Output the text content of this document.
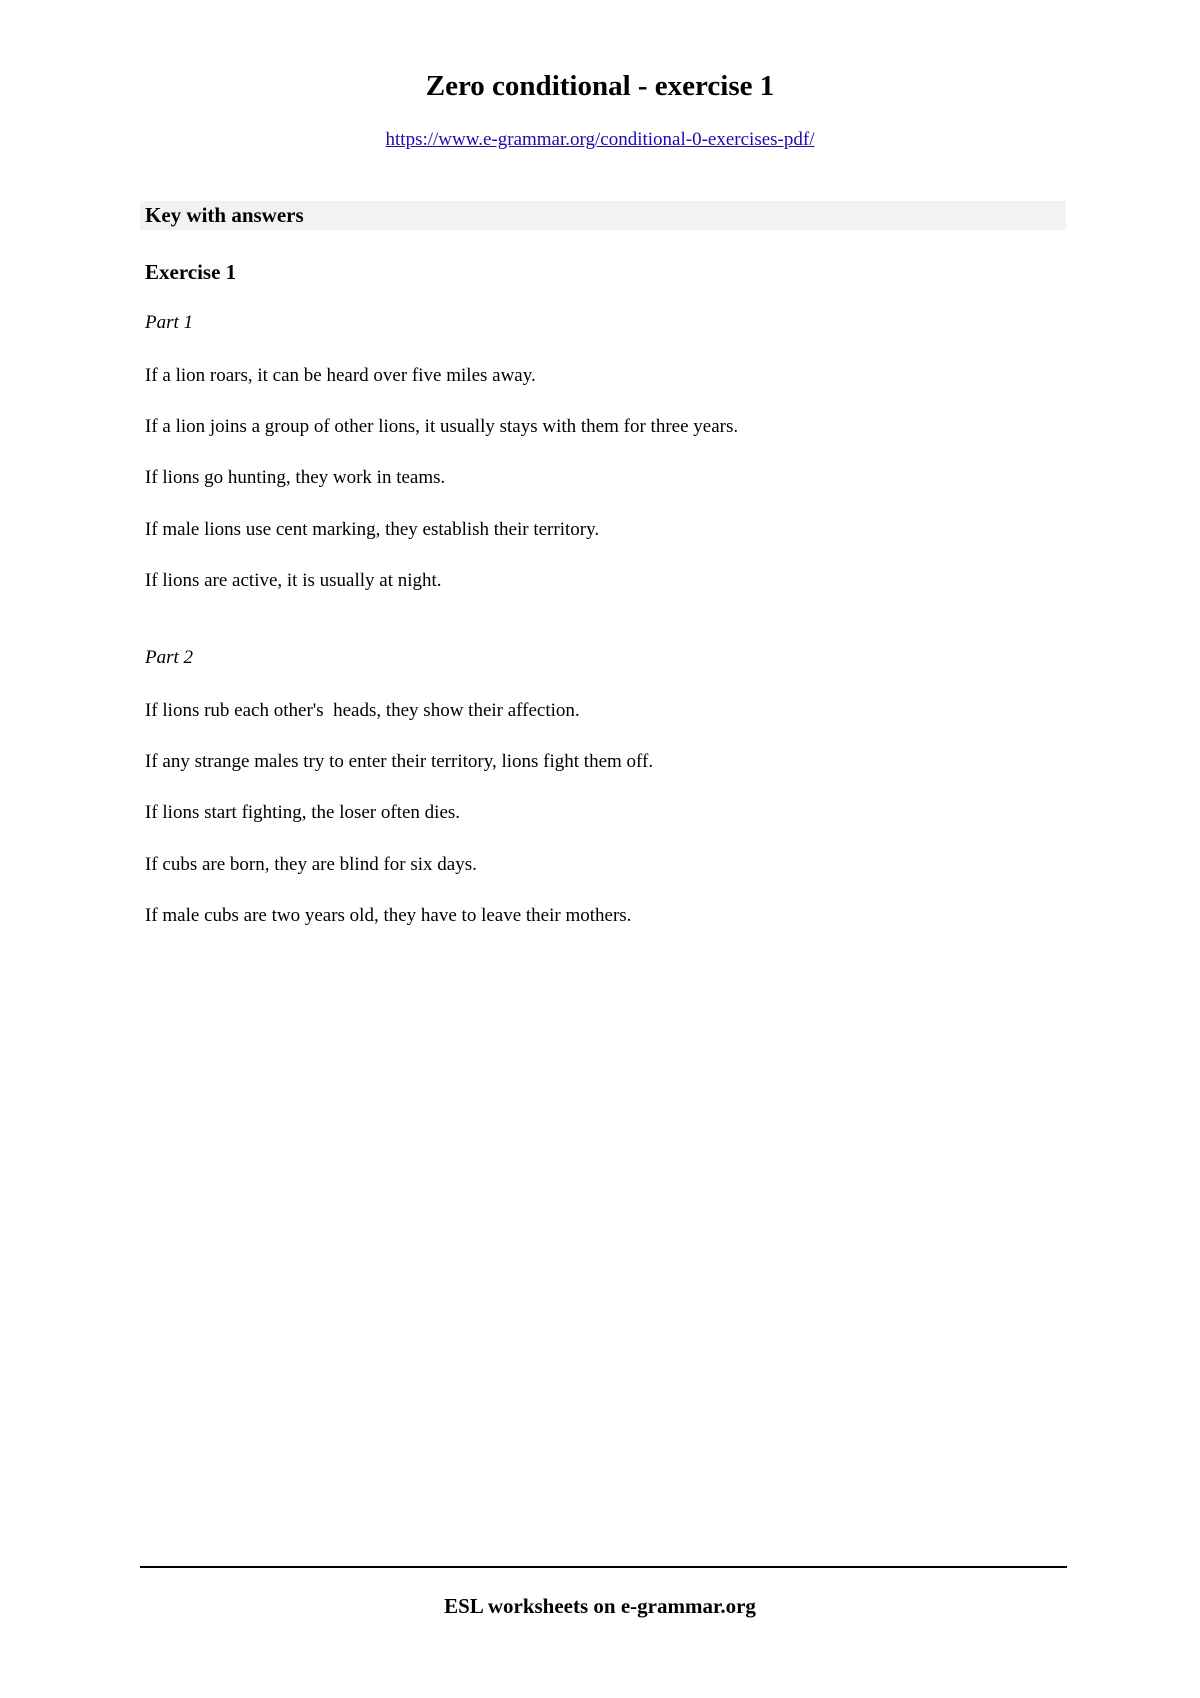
Zero conditional - exercise 1
https://www.e-grammar.org/conditional-0-exercises-pdf/
Key with answers
Exercise 1
Part 1
If a lion roars, it can be heard over five miles away.
If a lion joins a group of other lions, it usually stays with them for three years.
If lions go hunting, they work in teams.
If male lions use cent marking, they establish their territory.
If lions are active, it is usually at night.
Part 2
If lions rub each other's  heads, they show their affection.
If any strange males try to enter their territory, lions fight them off.
If lions start fighting, the loser often dies.
If cubs are born, they are blind for six days.
If male cubs are two years old, they have to leave their mothers.
ESL worksheets on e-grammar.org
